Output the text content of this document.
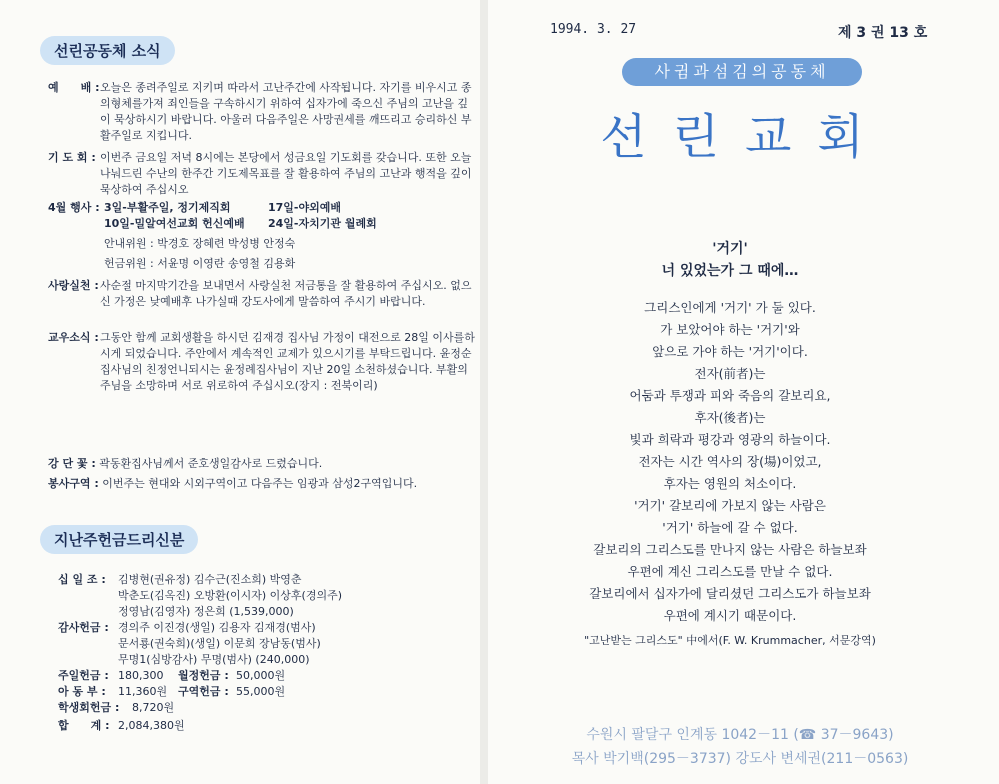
선린공동체 소식
예　　배 :오늘은 종려주일로 지키며 따라서 고난주간에 사작됩니다. 자기를 비우시고 종의형체를가져 죄인들을 구속하시기 위하여 십자가에 죽으신 주님의 고난을 깊이 묵상하시기 바랍니다. 아울러 다음주일은 사망권세를 깨뜨리고 승리하신 부활주일로 지킵니다.
기 도 회 : 이번주 금요일 저녁 8시에는 본당에서 성금요일 기도회를 갖습니다. 또한 오늘 나눠드린 수난의 한주간 기도제목표를 잘 활용하여 주님의 고난과 행적을 깊이 묵상하여 주십시오
4월 행사 : 3일-부활주일, 정기제직회	17일-야외예배
10일-밀알여선교회 헌신예배 24일-자치기관 월례회
안내위원 : 박경호 장혜련 박성병 안정숙
헌금위원 : 서윤명 이영란 송영철 김용화
사랑실천 :사순절 마지막기간을 보내면서 사랑실천 저금통을 잘 활용하여 주십시오. 없으신 가정은 낮예배후 나가실때 강도사에게 말씀하여 주시기 바랍니다.
교우소식 :그동안 함께 교회생활을 하시던 김재경 집사님 가정이 대전으로 28일 이사를하시게 되었습니다. 주안에서 계속적인 교제가 있으시기를 부탁드립니다. 윤정순집사님의 친정언니되시는 윤정례집사님이 지난 20일 소천하셨습니다. 부활의 주님을 소망하며 서로 위로하여 주십시오(장지 : 전북이리)
강 단 꽃 : 곽동환집사님께서 준호생일감사로 드렸습니다.
봉사구역 : 이번주는 현대와 시외구역이고 다음주는 임광과 삼성2구역입니다.
지난주헌금드리신분
십 일 조 : 김병현(권유정) 김수근(진소희) 박영춘
박춘도(김옥진) 오방환(이시자) 이상후(경의주)
정영남(김영자) 정은희 (1,539,000)
감사헌금 : 경의주 이진경(생일) 김용자 김재경(범사)
문서룡(권숙희)(생일) 이문희 장남동(범사)
무명1(심방감사) 무명(범사) (240,000)
주일헌금 : 180,300 월정헌금 : 50,000원
아 동 부 : 11,360원 구역헌금 : 55,000원
학생회헌금 : 8,720원
합　　계 : 2,084,380원
1994. 3. 27	제 3 권 13 호
사귐과섬김의공동체
선린교회
'거기'
너 있었는가 그 때에…
그리스인에게 '거기' 가 둘 있다.
가 보았어야 하는 '거기'와
앞으로 가야 하는 '거기'이다.
전자(前者)는
어둠과 투쟁과 피와 죽음의 갈보리요,
후자(後者)는
빛과 희락과 평강과 영광의 하늘이다.
전자는 시간 역사의 장(場)이었고,
후자는 영원의 처소이다.
'거기' 갈보리에 가보지 않는 사람은
'거기' 하늘에 갈 수 없다.
갈보리의 그리스도를 만나지 않는 사람은 하늘보좌
우편에 계신 그리스도를 만날 수 없다.
갈보리에서 십자가에 달리셨던 그리스도가 하늘보좌
우편에 계시기 때문이다.
"고난받는 그리스도" 中에서(F. W. Krummacher, 서문강역)
수원시 팔달구 인계동 1042－11 (☎ 37－9643)
목사 박기백(295－3737) 강도사 변세권(211－0563)
